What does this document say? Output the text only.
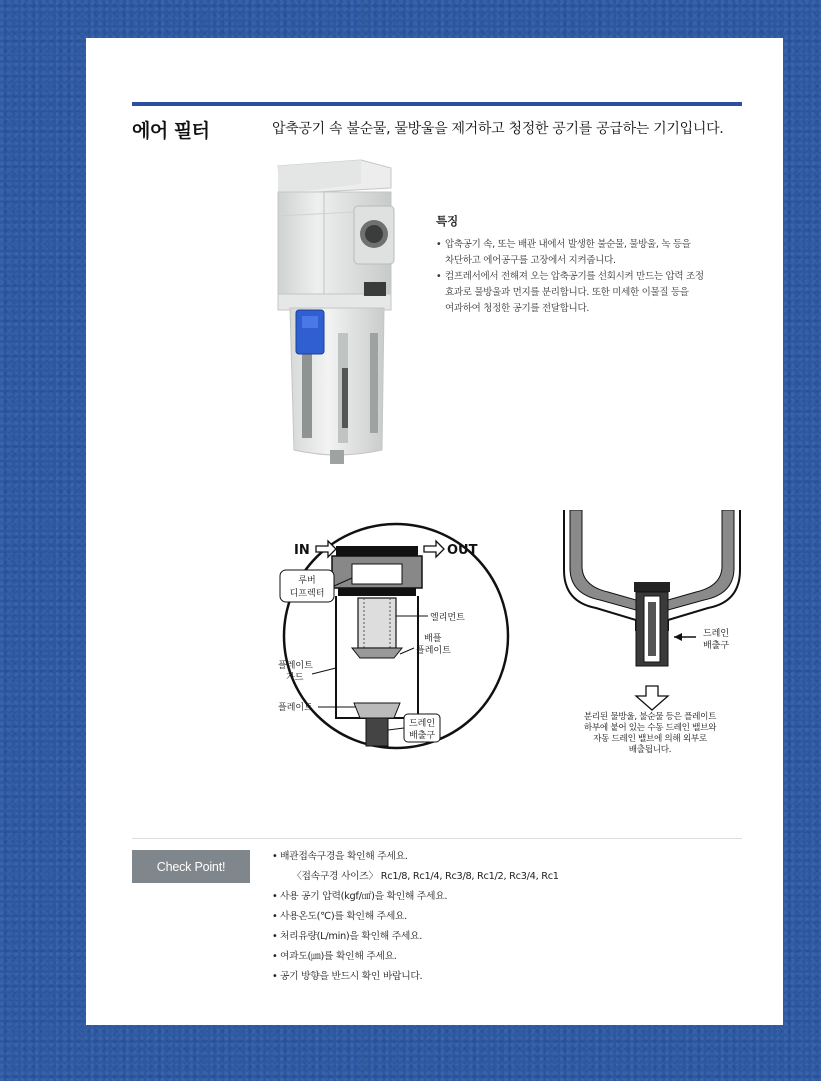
에어 필터	압축공기 속 불순물, 물방울을 제거하고 청정한 공기를 공급하는 기기입니다.
특징
• 압축공기 속, 또는 배관 내에서 발생한 불순물, 물방울, 녹 등을
차단하고 에어공구를 고장에서 지켜줍니다.
• 컴프레서에서 전해져 오는 압축공기를 선회시켜 만드는 압력 조정
효과로 물방울과 먼지를 분리합니다. 또한 미세한 이물질 등을
여과하여 청정한 공기를 전달합니다.
IN	OUT
루버
디프렉터
엘리먼트
배플
플레이트
플레이트
가드
플레이트
드레인
배출구
드레인
배출구
분리된 물방울, 불순물 등은 플레이트
하부에 붙어 있는 수동 드레인 밸브와
자동 드레인 밸브에 의해 외부로
배출됩니다.
Check Point!
• 배관접속구경을 확인해 주세요.
〈접속구경 사이즈〉 Rc1/8, Rc1/4, Rc3/8, Rc1/2, Rc3/4, Rc1
• 사용 공기 압력(kgf/㎠)을 확인해 주세요.
• 사용온도(℃)를 확인해 주세요.
• 처리유량(L/min)을 확인해 주세요.
• 여과도(㎛)를 확인해 주세요.
• 공기 방향을 반드시 확인 바랍니다.
